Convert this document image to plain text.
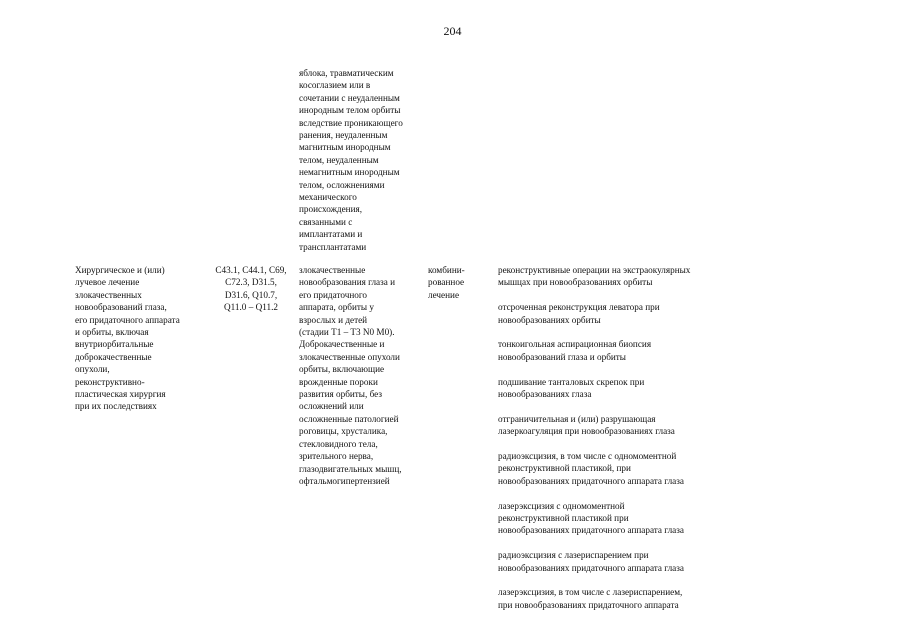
204

яблока, травматическим
косоглазием или в
сочетании с неудаленным
инородным телом орбиты
вследствие проникающего
ранения, неудаленным
магнитным инородным
телом, неудаленным
немагнитным инородным
телом, осложнениями
механического
происхождения,
связанными с
имплантатами и
трансплантатами

Хирургическое и (или)
лучевое лечение
злокачественных
новообразований глаза,
его придаточного аппарата
и орбиты, включая
внутриорбитальные
доброкачественные
опухоли,
реконструктивно-
пластическая хирургия
при их последствиях

C43.1, C44.1, C69,
C72.3, D31.5,
D31.6, Q10.7,
Q11.0 – Q11.2

злокачественные
новообразования глаза и
его придаточного
аппарата, орбиты у
взрослых и детей
(стадии T1 – T3 N0 M0).
Доброкачественные и
злокачественные опухоли
орбиты, включающие
врожденные пороки
развития орбиты, без
осложнений или
осложненные патологией
роговицы, хрусталика,
стекловидного тела,
зрительного нерва,
глазодвигательных мышц,
офтальмогипертензией

комбини-
рованное
лечение

реконструктивные операции на экстраокулярных
мышцах при новообразованиях орбиты

отсроченная реконструкция леватора при
новообразованиях орбиты

тонкоигольная аспирационная биопсия
новообразований глаза и орбиты

подшивание танталовых скрепок при
новообразованиях глаза

отграничительная и (или) разрушающая
лазеркоагуляция при новообразованиях глаза

радиоэксцизия, в том числе с одномоментной
реконструктивной пластикой, при
новообразованиях придаточного аппарата глаза

лазерэксцизия с одномоментной
реконструктивной пластикой при
новообразованиях придаточного аппарата глаза

радиоэксцизия с лазериспарением при
новообразованиях придаточного аппарата глаза

лазерэксцизия, в том числе с лазериспарением,
при новообразованиях придаточного аппарата
